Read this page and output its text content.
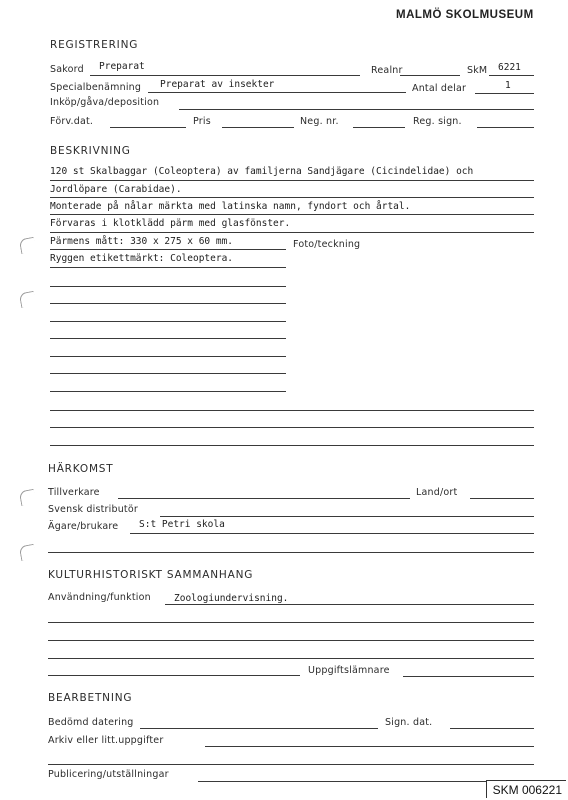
MALMÖ SKOLMUSEUM
REGISTRERING
Sakord Preparat	Realnr	SkM 6221
Specialbenämning Preparat av insekter	Antal delar	1
Inköp/gåva/deposition
Förv.dat.	Pris	Neg. nr.	Reg. sign.
BESKRIVNING
120 st Skalbaggar (Coleoptera) av familjerna Sandjägare (Cicindelidae) och
Jordlöpare (Carabidae).
Monterade på nålar märkta med latinska namn, fyndort och årtal.
Förvaras i klotklädd pärm med glasfönster.
Pärmens mått: 330 x 275 x 60 mm.	Foto/teckning
Ryggen etikettmärkt: Coleoptera.
HÄRKOMST
Tillverkare	Land/ort
Svensk distributör
Ägare/brukare S:t Petri skola
KULTURHISTORISKT SAMMANHANG
Användning/funktion Zoologiundervisning.
Uppgiftslämnare
BEARBETNING
Bedömd datering	Sign. dat.
Arkiv eller litt.uppgifter
Publicering/utställningar
SKM 006221
